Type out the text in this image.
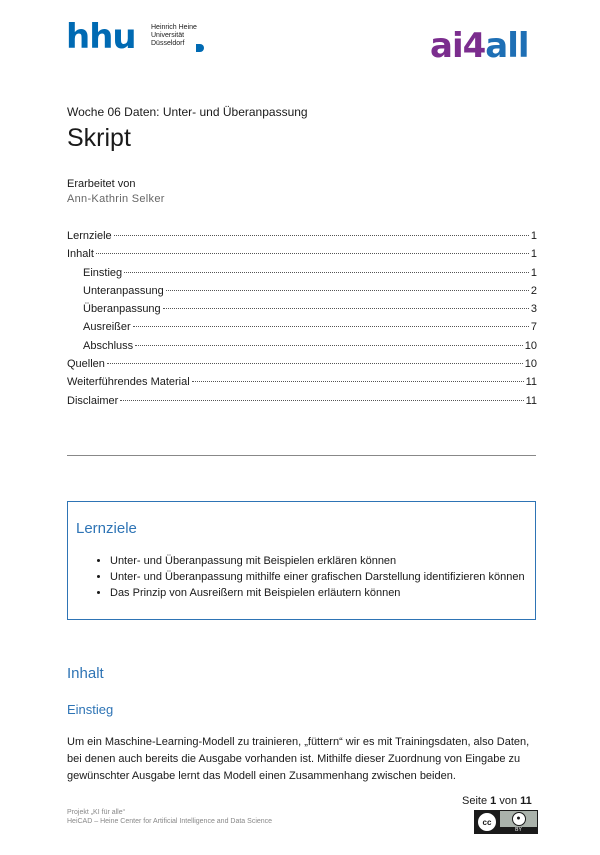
hhu Heinrich Heine
Universität
Düsseldorf	ai4all
Woche 06 Daten: Unter- und Überanpassung
Skript
Erarbeitet von
Ann-Kathrin Selker
Lernziele	1
Inhalt	1
Einstieg	1
Unteranpassung	2
Überanpassung	3
Ausreißer	7
Abschluss	10
Quellen	10
Weiterführendes Material	11
Disclaimer	11
Lernziele
• Unter- und Überanpassung mit Beispielen erklären können
• Unter- und Überanpassung mithilfe einer grafischen Darstellung identifizieren können
• Das Prinzip von Ausreißern mit Beispielen erläutern können
Inhalt
Einstieg
Um ein Maschine-Learning-Modell zu trainieren, „füttern“ wir es mit Trainingsdaten, also Daten, bei denen auch bereits die Ausgabe vorhanden ist. Mithilfe dieser Zuordnung von Eingabe zu gewünschter Ausgabe lernt das Modell einen Zusammenhang zwischen beiden.
Projekt „KI für alle“
HeiCAD – Heine Center for Artificial Intelligence and Data Science
Seite 1 von 11
cc	●
BY
